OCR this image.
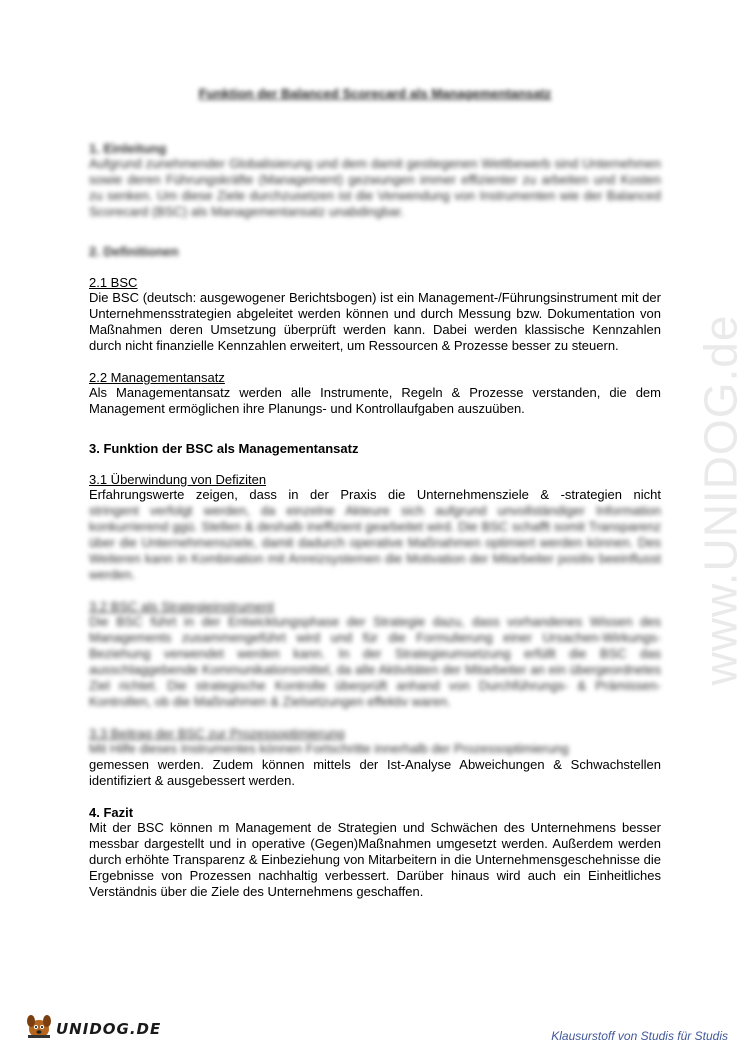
www.UNIDOG.de
Funktion der Balanced Scorecard als Managementansatz

1. Einleitung

Aufgrund zunehmender Globalisierung und dem damit gestiegenen Wettbewerb sind Unternehmen sowie deren Führungskräfte (Management) gezwungen immer effizienter zu arbeiten und Kosten zu senken. Um diese Ziele durchzusetzen ist die Verwendung von Instrumenten wie der Balanced Scorecard (BSC) als Managementansatz unabdingbar.

2. Definitionen

2.1 BSC

Die BSC (deutsch: ausgewogener Berichtsbogen) ist ein Management-/Führungsinstrument mit der Unternehmensstrategien abgeleitet werden können und durch Messung bzw. Dokumentation von Maßnahmen deren Umsetzung überprüft werden kann. Dabei werden klassische Kennzahlen durch nicht finanzielle Kennzahlen erweitert, um Ressourcen & Prozesse besser zu steuern.

2.2 Managementansatz

Als Managementansatz werden alle Instrumente, Regeln & Prozesse verstanden, die dem Management ermöglichen ihre Planungs- und Kontrollaufgaben auszuüben.

3. Funktion der BSC als Managementansatz

3.1 Überwindung von Defiziten

Erfahrungswerte zeigen, dass in der Praxis die Unternehmensziele & -strategien nicht

stringent verfolgt werden, da einzelne Akteure sich aufgrund unvollständiger Information konkurrierend ggü. Stellen & deshalb ineffizient gearbeitet wird. Die BSC schafft somit Transparenz über die Unternehmensziele, damit dadurch operative Maßnahmen optimiert werden können. Des Weiteren kann in Kombination mit Anreizsystemen die Motivation der Mitarbeiter positiv beeinflusst werden.

3.2 BSC als Strategieinstrument

Die BSC führt in der Entwicklungsphase der Strategie dazu, dass vorhandenes Wissen des Managements zusammengeführt wird und für die Formulierung einer Ursachen-Wirkungs-Beziehung verwendet werden kann. In der Strategieumsetzung erfüllt die BSC das ausschlaggebende Kommunikationsmittel, da alle Aktivitäten der Mitarbeiter an ein übergeordnetes Ziel richtet. Die strategische Kontrolle überprüft anhand von Durchführungs- & Prämissen-Kontrollen, ob die Maßnahmen & Zielsetzungen effektiv waren.

3.3 Beitrag der BSC zur Prozessoptimierung

Mit Hilfe dieses Instrumentes können Fortschritte innerhalb der Prozessoptimierung

gemessen werden. Zudem können mittels der Ist-Analyse Abweichungen & Schwachstellen identifiziert & ausgebessert werden.

4. Fazit

Mit der BSC können m Management de Strategien und Schwächen des Unternehmens besser messbar dargestellt und in operative (Gegen)Maßnahmen umgesetzt werden. Außerdem werden durch erhöhte Transparenz & Einbeziehung von Mitarbeitern in die Unternehmensgeschehnisse die Ergebnisse von Prozessen nachhaltig verbessert. Darüber hinaus wird auch ein Einheitliches Verständnis über die Ziele des Unternehmens geschaffen.

UNIDOG.DE	Klausurstoff von Studis für Studis
